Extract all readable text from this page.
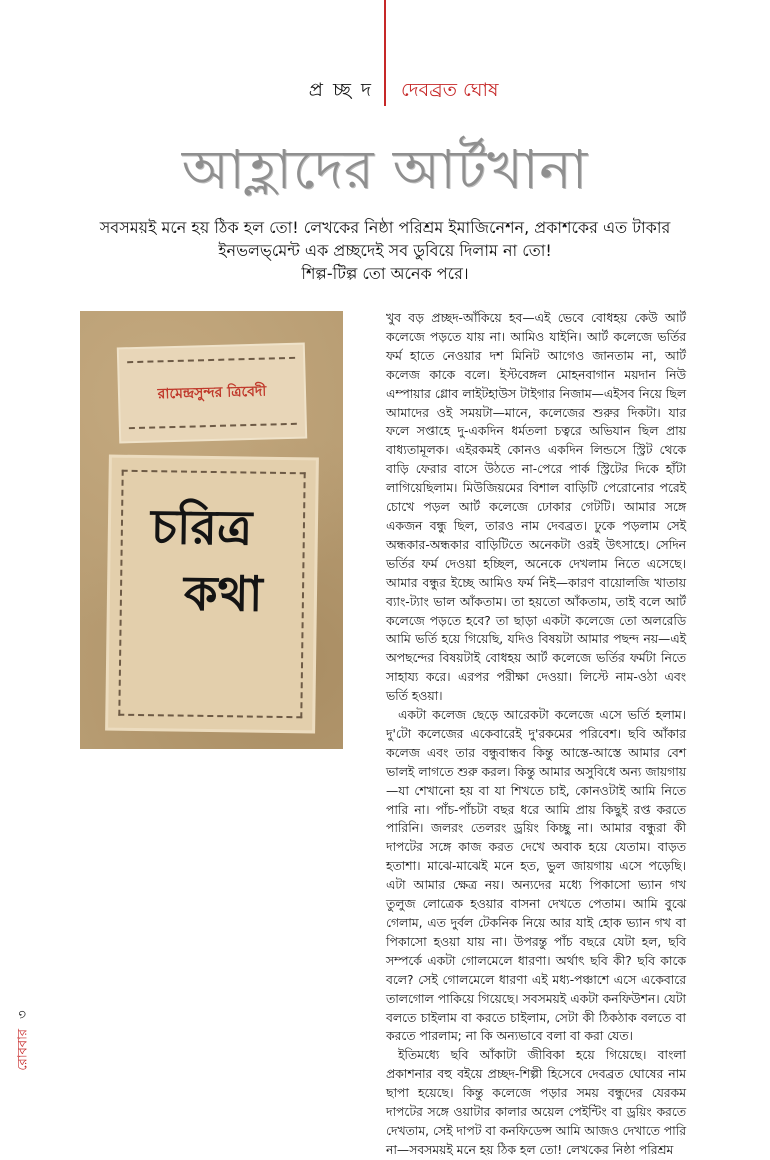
প্র চ্ছ দ	দেবব্রত ঘোষ
আহ্লাদের আর্টখানা
সবসময়ই মনে হয় ঠিক হল তো! লেখকের নিষ্ঠা পরিশ্রম ইমাজিনেশন, প্রকাশকের এত টাকার
ইনভলভ্‌মেন্ট এক প্রচ্ছদেই সব ডুবিয়ে দিলাম না তো!
শিল্প-টিল্প তো অনেক পরে।
রামেন্দ্রসুন্দর ত্রিবেদী
চরিত্র
কথা

খুব বড় প্রচ্ছদ-আঁকিয়ে হব—এই ভেবে বোধহয় কেউ আর্ট কলেজে পড়তে যায় না। আমিও যাইনি। আর্ট কলেজে ভর্তির ফর্ম হাতে নেওয়ার দশ মিনিট আগেও জানতাম না, আর্ট কলেজ কাকে বলে। ইস্টবেঙ্গল মোহনবাগান ময়দান নিউ এম্পায়ার গ্লোব লাইটহাউস টাইগার নিজাম—এইসব নিয়ে ছিল আমাদের ওই সময়টা—মানে, কলেজের শুরুর দিকটা। যার ফলে সপ্তাহে দু-একদিন ধর্মতলা চত্বরে অভিযান ছিল প্রায় বাধ্যতামূলক। এইরকমই কোনও একদিন লিন্ডসে স্ট্রিট থেকে বাড়ি ফেরার বাসে উঠতে না-পেরে পার্ক স্ট্রিটের দিকে হাঁটা লাগিয়েছিলাম। মিউজিয়মের বিশাল বাড়িটি পেরোনোর পরেই চোখে পড়ল আর্ট কলেজে ঢোকার গেটটি। আমার সঙ্গে একজন বন্ধু ছিল, তারও নাম দেবব্রত। ঢুকে পড়লাম সেই অন্ধকার-অন্ধকার বাড়িটিতে অনেকটা ওরই উৎসাহে। সেদিন ভর্তির ফর্ম দেওয়া হচ্ছিল, অনেকে দেখলাম নিতে এসেছে। আমার বন্ধুর ইচ্ছে আমিও ফর্ম নিই—কারণ বায়োলজি খাতায় ব্যাং-ট্যাং ভাল আঁকতাম। তা হয়তো আঁকতাম, তাই বলে আর্ট কলেজে পড়তে হবে? তা ছাড়া একটা কলেজে তো অলরেডি আমি ভর্তি হয়ে গিয়েছি, যদিও বিষয়টা আমার পছন্দ নয়—এই অপছন্দের বিষয়টাই বোধহয় আর্ট কলেজে ভর্তির ফর্মটা নিতে সাহায্য করে। এরপর পরীক্ষা দেওয়া। লিস্টে নাম-ওঠা এবং ভর্তি হওয়া।

একটা কলেজ ছেড়ে আরেকটা কলেজে এসে ভর্তি হলাম। দু'টো কলেজের একেবারেই দু'রকমের পরিবেশ। ছবি আঁকার কলেজ এবং তার বন্ধুবান্ধব কিন্তু আস্তে-আস্তে আমার বেশ ভালই লাগতে শুরু করল। কিন্তু আমার অসুবিধে অন্য জায়গায়—যা শেখানো হয় বা যা শিখতে চাই, কোনওটাই আমি নিতে পারি না। পাঁচ-পাঁচটা বছর ধরে আমি প্রায় কিছুই রপ্ত করতে পারিনি। জলরং তেলরং ড্রয়িং কিচ্ছু না। আমার বন্ধুরা কী দাপটের সঙ্গে কাজ করত দেখে অবাক হয়ে যেতাম। বাড়ত হতাশা। মাঝে-মাঝেই মনে হত, ভুল জায়গায় এসে পড়েছি। এটা আমার ক্ষেত্র নয়। অন্যদের মধ্যে পিকাসো ভ্যান গখ তুলুজ লোত্রেক হওয়ার বাসনা দেখতে পেতাম। আমি বুঝে গেলাম, এত দুর্বল টেকনিক নিয়ে আর যাই হোক ভ্যান গখ বা পিকাসো হওয়া যায় না। উপরন্তু পাঁচ বছরে যেটা হল, ছবি সম্পর্কে একটা গোলমেলে ধারণা। অর্থাৎ ছবি কী? ছবি কাকে বলে? সেই গোলমেলে ধারণা এই মধ্য-পঞ্চাশে এসে একেবারে তালগোল পাকিয়ে গিয়েছে। সবসময়ই একটা কনফিউশন। যেটা বলতে চাইলাম বা করতে চাইলাম, সেটা কী ঠিকঠাক বলতে বা করতে পারলাম; না কি অন্যভাবে বলা বা করা যেত।

ইতিমধ্যে ছবি আঁকাটা জীবিকা হয়ে গিয়েছে। বাংলা প্রকাশনার বহু বইয়ে প্রচ্ছদ-শিল্পী হিসেবে দেবব্রত ঘোষের নাম ছাপা হয়েছে। কিন্তু কলেজে পড়ার সময় বন্ধুদের যেরকম দাপটের সঙ্গে ওয়াটার কালার অয়েল পেইন্টিং বা ড্রয়িং করতে দেখতাম, সেই দাপট বা কনফিডেন্স আমি আজও দেখাতে পারি না—সবসময়ই মনে হয় ঠিক হল তো! লেখকের নিষ্ঠা পরিশ্রম

রোববার ৩
